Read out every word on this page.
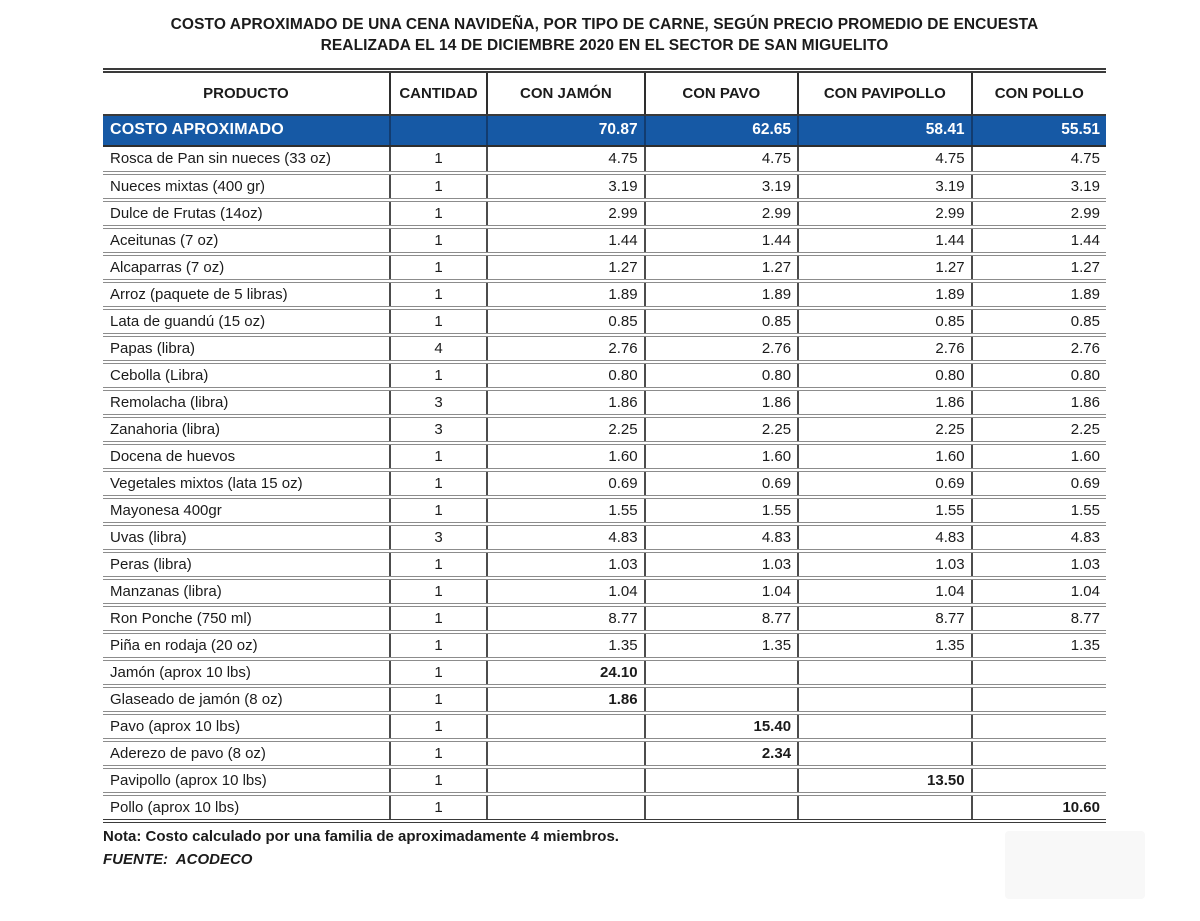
COSTO APROXIMADO DE UNA CENA NAVIDEÑA, POR TIPO DE CARNE, SEGÚN PRECIO PROMEDIO DE ENCUESTA
REALIZADA EL 14 DE DICIEMBRE 2020 EN EL SECTOR DE SAN MIGUELITO
PRODUCTO	CANTIDAD	CON JAMÓN	CON PAVO	CON PAVIPOLLO	CON POLLO
COSTO APROXIMADO		70.87	62.65	58.41	55.51
Rosca de Pan sin nueces (33 oz)	1	4.75	4.75	4.75	4.75
Nueces mixtas (400 gr)	1	3.19	3.19	3.19	3.19
Dulce de Frutas (14oz)	1	2.99	2.99	2.99	2.99
Aceitunas (7 oz)	1	1.44	1.44	1.44	1.44
Alcaparras (7 oz)	1	1.27	1.27	1.27	1.27
Arroz (paquete de 5 libras)	1	1.89	1.89	1.89	1.89
Lata de guandú (15 oz)	1	0.85	0.85	0.85	0.85
Papas (libra)	4	2.76	2.76	2.76	2.76
Cebolla (Libra)	1	0.80	0.80	0.80	0.80
Remolacha (libra)	3	1.86	1.86	1.86	1.86
Zanahoria (libra)	3	2.25	2.25	2.25	2.25
Docena de huevos	1	1.60	1.60	1.60	1.60
Vegetales mixtos (lata 15 oz)	1	0.69	0.69	0.69	0.69
Mayonesa 400gr	1	1.55	1.55	1.55	1.55
Uvas (libra)	3	4.83	4.83	4.83	4.83
Peras (libra)	1	1.03	1.03	1.03	1.03
Manzanas (libra)	1	1.04	1.04	1.04	1.04
Ron Ponche (750 ml)	1	8.77	8.77	8.77	8.77
Piña en rodaja (20 oz)	1	1.35	1.35	1.35	1.35
Jamón (aprox 10 lbs)	1	24.10			
Glaseado de jamón (8 oz)	1	1.86			
Pavo (aprox 10 lbs)	1		15.40		
Aderezo de pavo (8 oz)	1		2.34		
Pavipollo (aprox 10 lbs)	1			13.50	
Pollo (aprox 10 lbs)	1				10.60
Nota: Costo calculado por una familia de aproximadamente 4 miembros.
FUENTE:  ACODECO
